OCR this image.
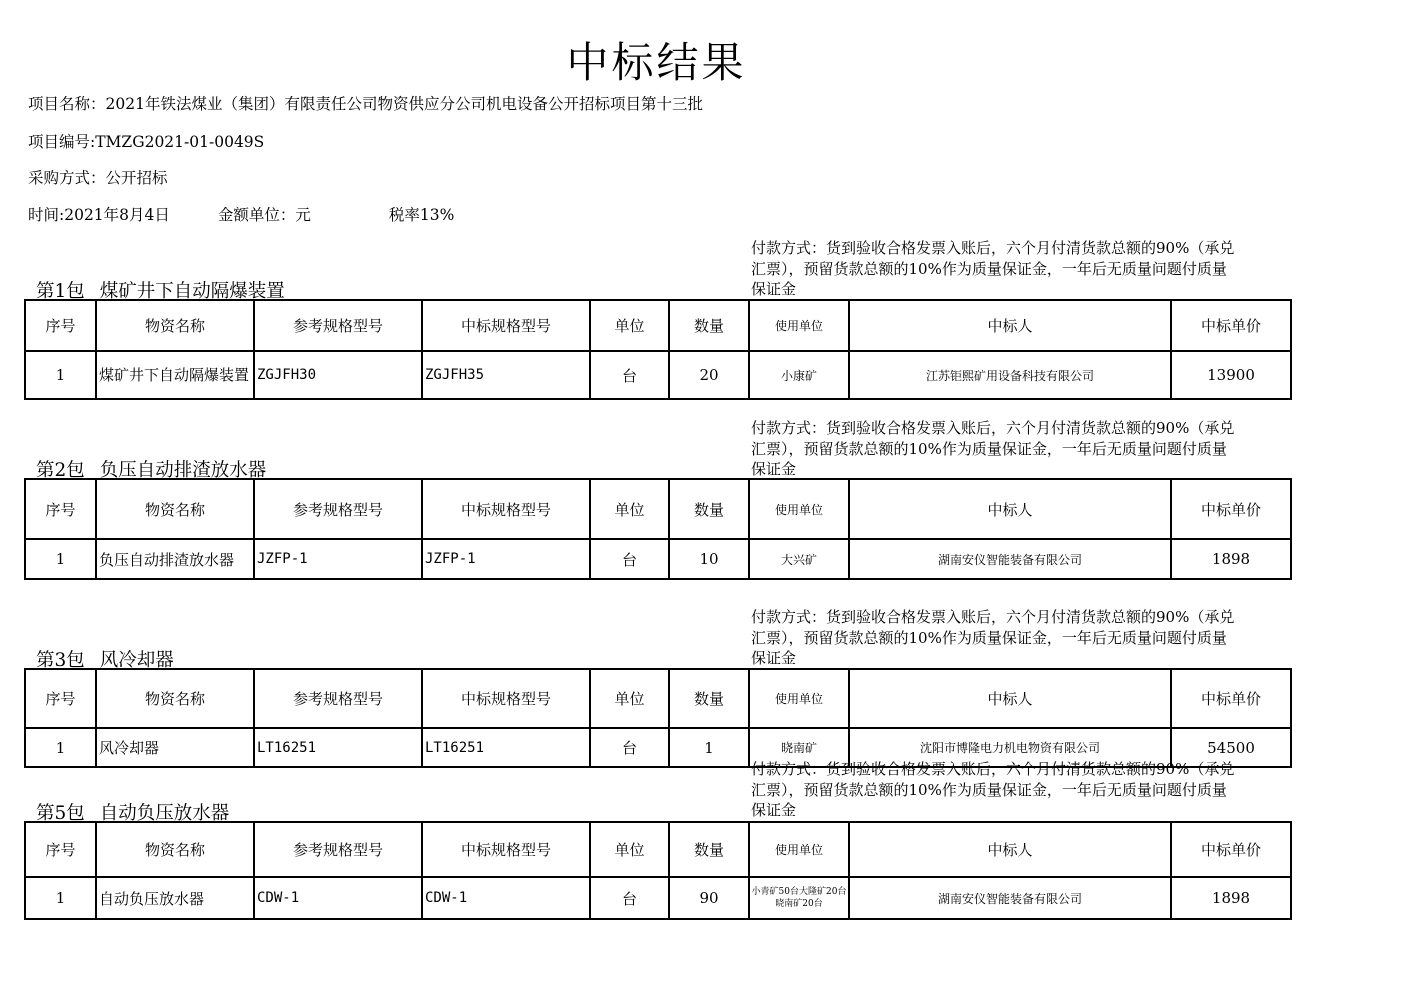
中标结果
项目名称：2021年铁法煤业（集团）有限责任公司物资供应分公司机电设备公开招标项目第十三批
项目编号:TMZG2021-01-0049S
采购方式：公开招标
时间:2021年8月4日	金额单位：元	税率13%
付款方式：货到验收合格发票入账后，六个月付清货款总额的90%（承兑
汇票），预留货款总额的10%作为质量保证金，一年后无质量问题付质量
保证金
第1包 煤矿井下自动隔爆装置
序号	物资名称	参考规格型号	中标规格型号	单位	数量	使用单位	中标人	中标单价
1	煤矿井下自动隔爆装置	ZGJFH30	ZGJFH35	台	20	小康矿	江苏钜熙矿用设备科技有限公司	13900
付款方式：货到验收合格发票入账后，六个月付清货款总额的90%（承兑
汇票），预留货款总额的10%作为质量保证金，一年后无质量问题付质量
保证金
第2包 负压自动排渣放水器
序号	物资名称	参考规格型号	中标规格型号	单位	数量	使用单位	中标人	中标单价
1	负压自动排渣放水器	JZFP-1	JZFP-1	台	10	大兴矿	湖南安仪智能装备有限公司	1898
付款方式：货到验收合格发票入账后，六个月付清货款总额的90%（承兑
汇票），预留货款总额的10%作为质量保证金，一年后无质量问题付质量
保证金
第3包 风冷却器
序号	物资名称	参考规格型号	中标规格型号	单位	数量	使用单位	中标人	中标单价
1	风冷却器	LT16251	LT16251	台	1	晓南矿	沈阳市博隆电力机电物资有限公司	54500
付款方式：货到验收合格发票入账后，六个月付清货款总额的90%（承兑
汇票），预留货款总额的10%作为质量保证金，一年后无质量问题付质量
保证金
第5包 自动负压放水器
序号	物资名称	参考规格型号	中标规格型号	单位	数量	使用单位	中标人	中标单价
1	自动负压放水器	CDW-1	CDW-1	台	90	小青矿50台大隆矿20台晓南矿20台	湖南安仪智能装备有限公司	1898
